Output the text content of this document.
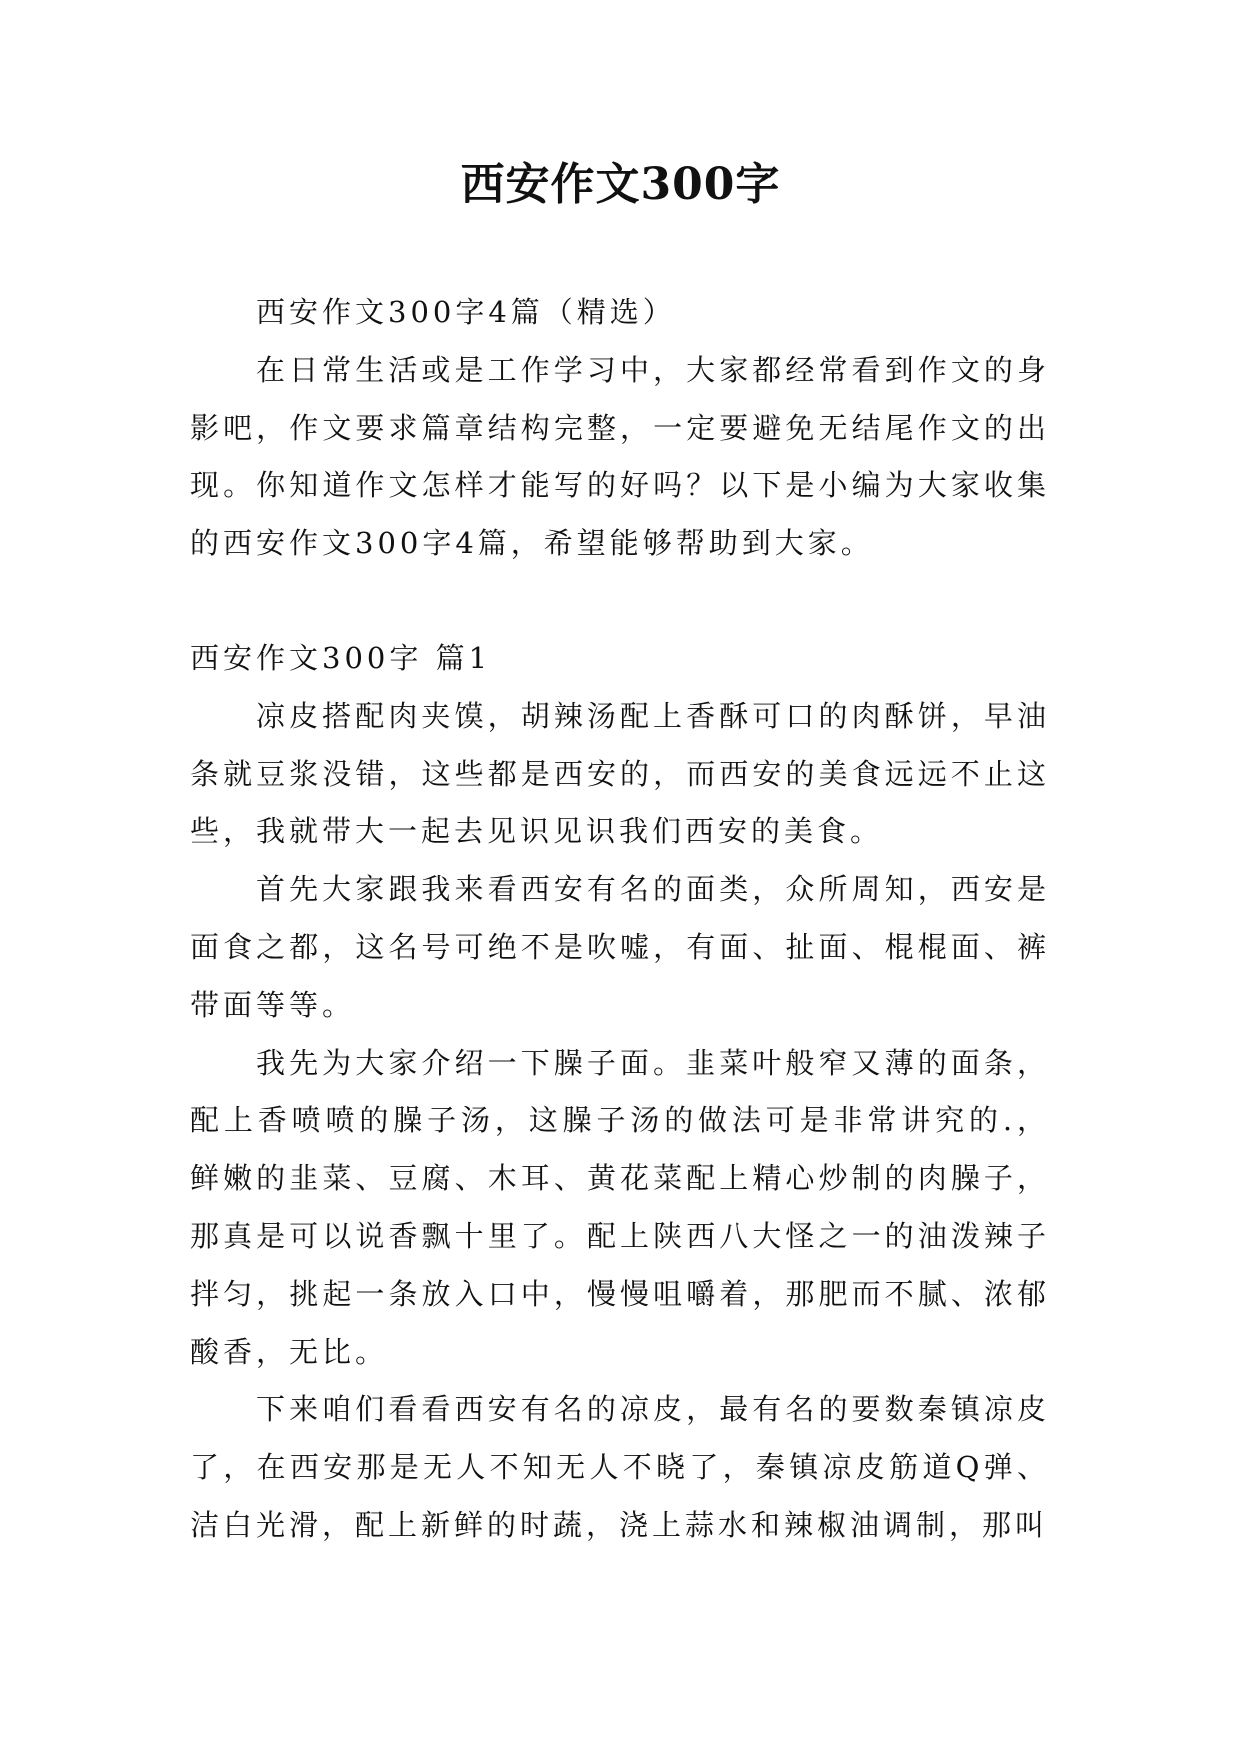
西安作文300字

西安作文300字4篇（精选）

在日常生活或是工作学习中，大家都经常看到作文的身影吧，作文要求篇章结构完整，一定要避免无结尾作文的出现。你知道作文怎样才能写的好吗？以下是小编为大家收集的西安作文300字4篇，希望能够帮助到大家。

西安作文300字 篇1

凉皮搭配肉夹馍，胡辣汤配上香酥可口的肉酥饼，早油条就豆浆没错，这些都是西安的，而西安的美食远远不止这些，我就带大一起去见识见识我们西安的美食。

首先大家跟我来看西安有名的面类，众所周知，西安是面食之都，这名号可绝不是吹嘘，有面、扯面、棍棍面、裤带面等等。

我先为大家介绍一下臊子面。韭菜叶般窄又薄的面条，配上香喷喷的臊子汤，这臊子汤的做法可是非常讲究的.，鲜嫩的韭菜、豆腐、木耳、黄花菜配上精心炒制的肉臊子，那真是可以说香飘十里了。配上陕西八大怪之一的油泼辣子拌匀，挑起一条放入口中，慢慢咀嚼着，那肥而不腻、浓郁酸香，无比。

下来咱们看看西安有名的凉皮，最有名的要数秦镇凉皮了，在西安那是无人不知无人不晓了，秦镇凉皮筋道Q弹、洁白光滑，配上新鲜的时蔬，浇上蒜水和辣椒油调制，那叫
